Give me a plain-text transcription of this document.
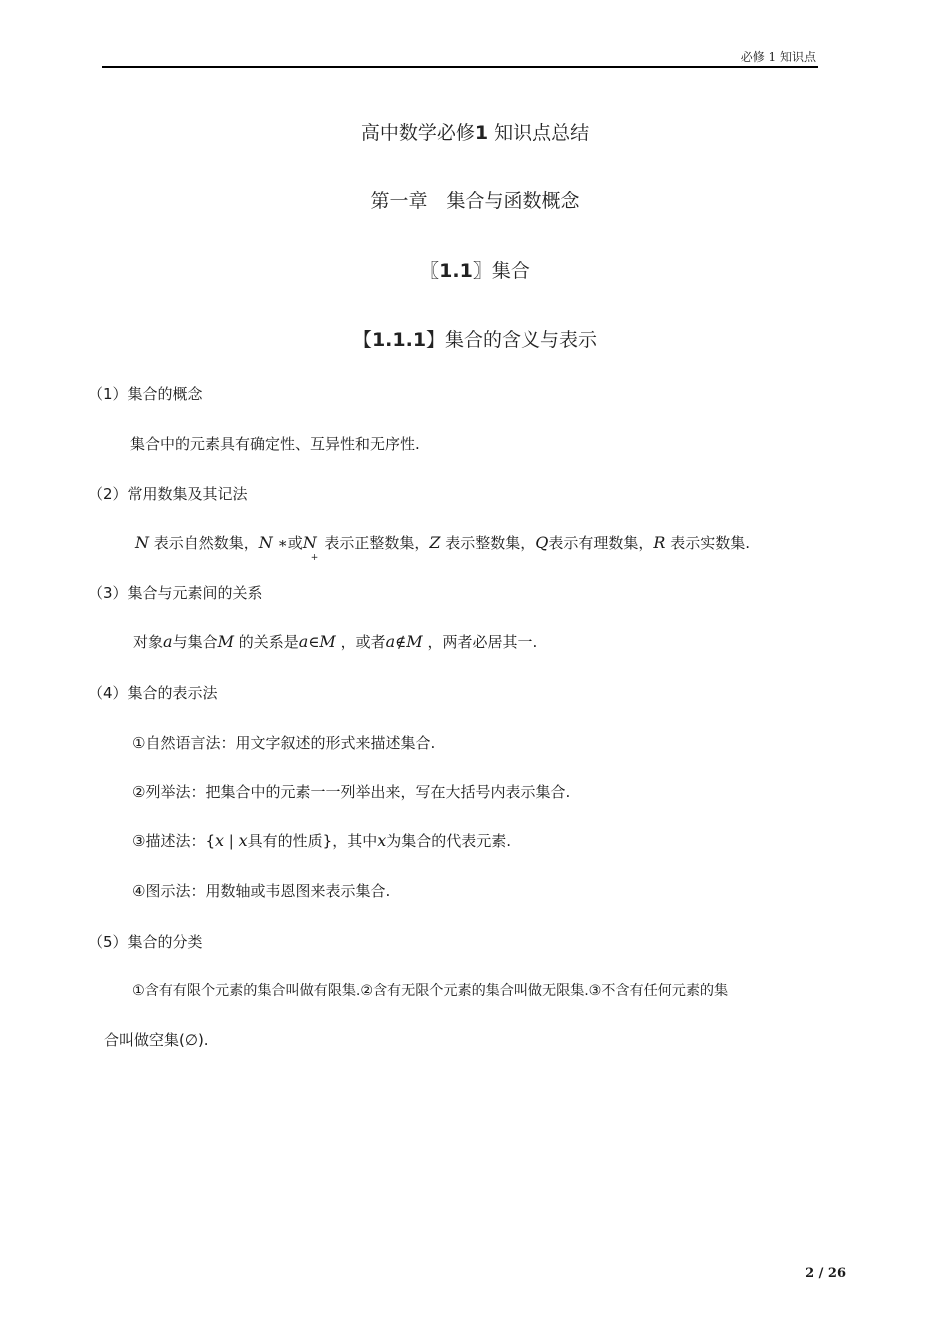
必修 1 知识点
高中数学必修1 知识点总结
第一章　集合与函数概念
〖1.1〗集合
【1.1.1】集合的含义与表示
（1）集合的概念
集合中的元素具有确定性、互异性和无序性.
（2）常用数集及其记法
N 表示自然数集，N ∗或$N_+$表示正整数集，Z 表示整数集，Q表示有理数集，R 表示实数集.
（3）集合与元素间的关系
对象a与集合M 的关系是a∈M ，或者a∉M ，两者必居其一.
（4）集合的表示法
①自然语言法：用文字叙述的形式来描述集合.
②列举法：把集合中的元素一一列举出来，写在大括号内表示集合.
③描述法：{x | x具有的性质}，其中x为集合的代表元素.
④图示法：用数轴或韦恩图来表示集合.
（5）集合的分类
①含有有限个元素的集合叫做有限集.②含有无限个元素的集合叫做无限集.③不含有任何元素的集
合叫做空集(∅).
2 / 26
